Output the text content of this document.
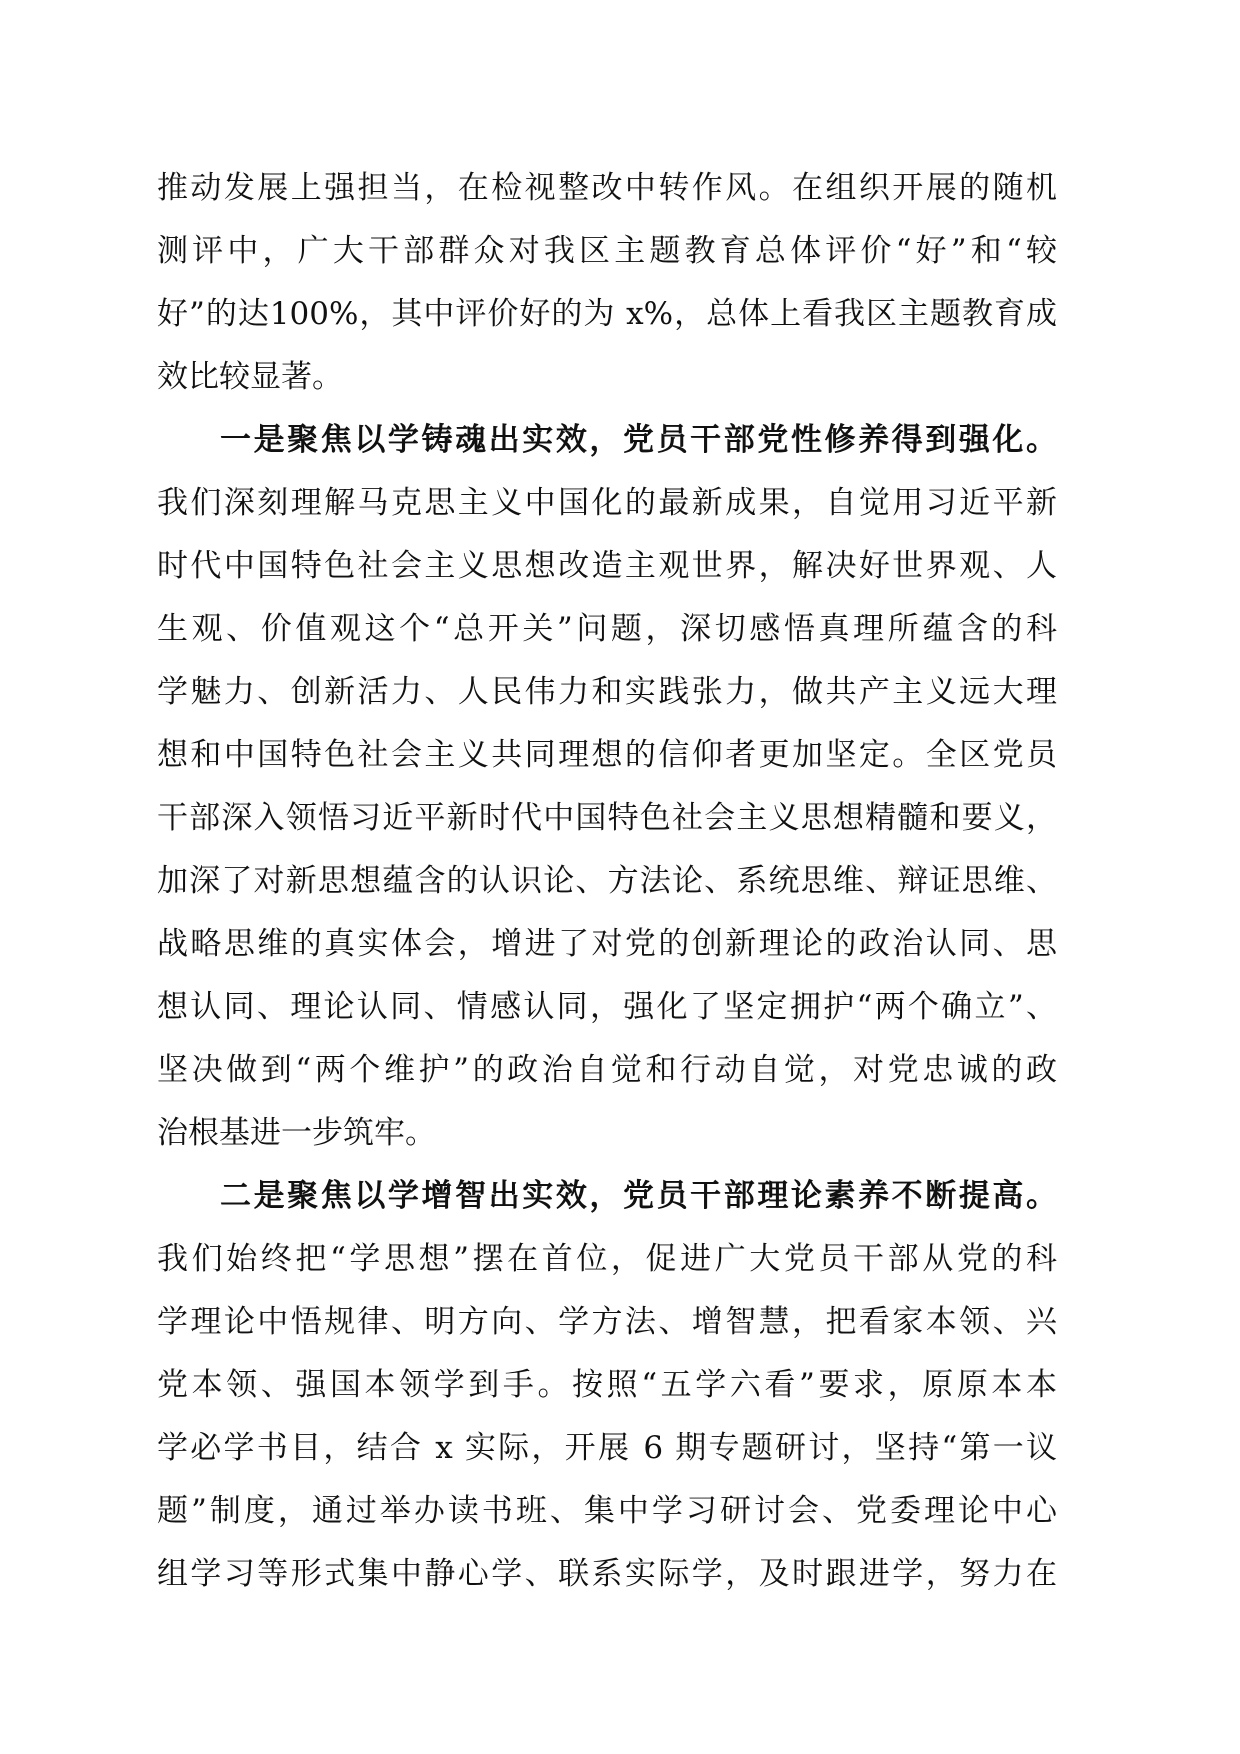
推动发展上强担当，在检视整改中转作风。在组织开展的随机
测评中，广大干部群众对我区主题教育总体评价“好”和“较
好”的达100%，其中评价好的为 x%，总体上看我区主题教育成
效比较显著。
一是聚焦以学铸魂出实效，党员干部党性修养得到强化。
我们深刻理解马克思主义中国化的最新成果，自觉用习近平新
时代中国特色社会主义思想改造主观世界，解决好世界观、人
生观、价值观这个“总开关”问题，深切感悟真理所蕴含的科
学魅力、创新活力、人民伟力和实践张力，做共产主义远大理
想和中国特色社会主义共同理想的信仰者更加坚定。全区党员
干部深入领悟习近平新时代中国特色社会主义思想精髓和要义，
加深了对新思想蕴含的认识论、方法论、系统思维、辩证思维、
战略思维的真实体会，增进了对党的创新理论的政治认同、思
想认同、理论认同、情感认同，强化了坚定拥护“两个确立”、
坚决做到“两个维护”的政治自觉和行动自觉，对党忠诚的政
治根基进一步筑牢。
二是聚焦以学增智出实效，党员干部理论素养不断提高。
我们始终把“学思想”摆在首位，促进广大党员干部从党的科
学理论中悟规律、明方向、学方法、增智慧，把看家本领、兴
党本领、强国本领学到手。按照“五学六看”要求，原原本本
学必学书目，结合 x 实际，开展 6 期专题研讨，坚持“第一议
题”制度，通过举办读书班、集中学习研讨会、党委理论中心
组学习等形式集中静心学、联系实际学，及时跟进学，努力在
